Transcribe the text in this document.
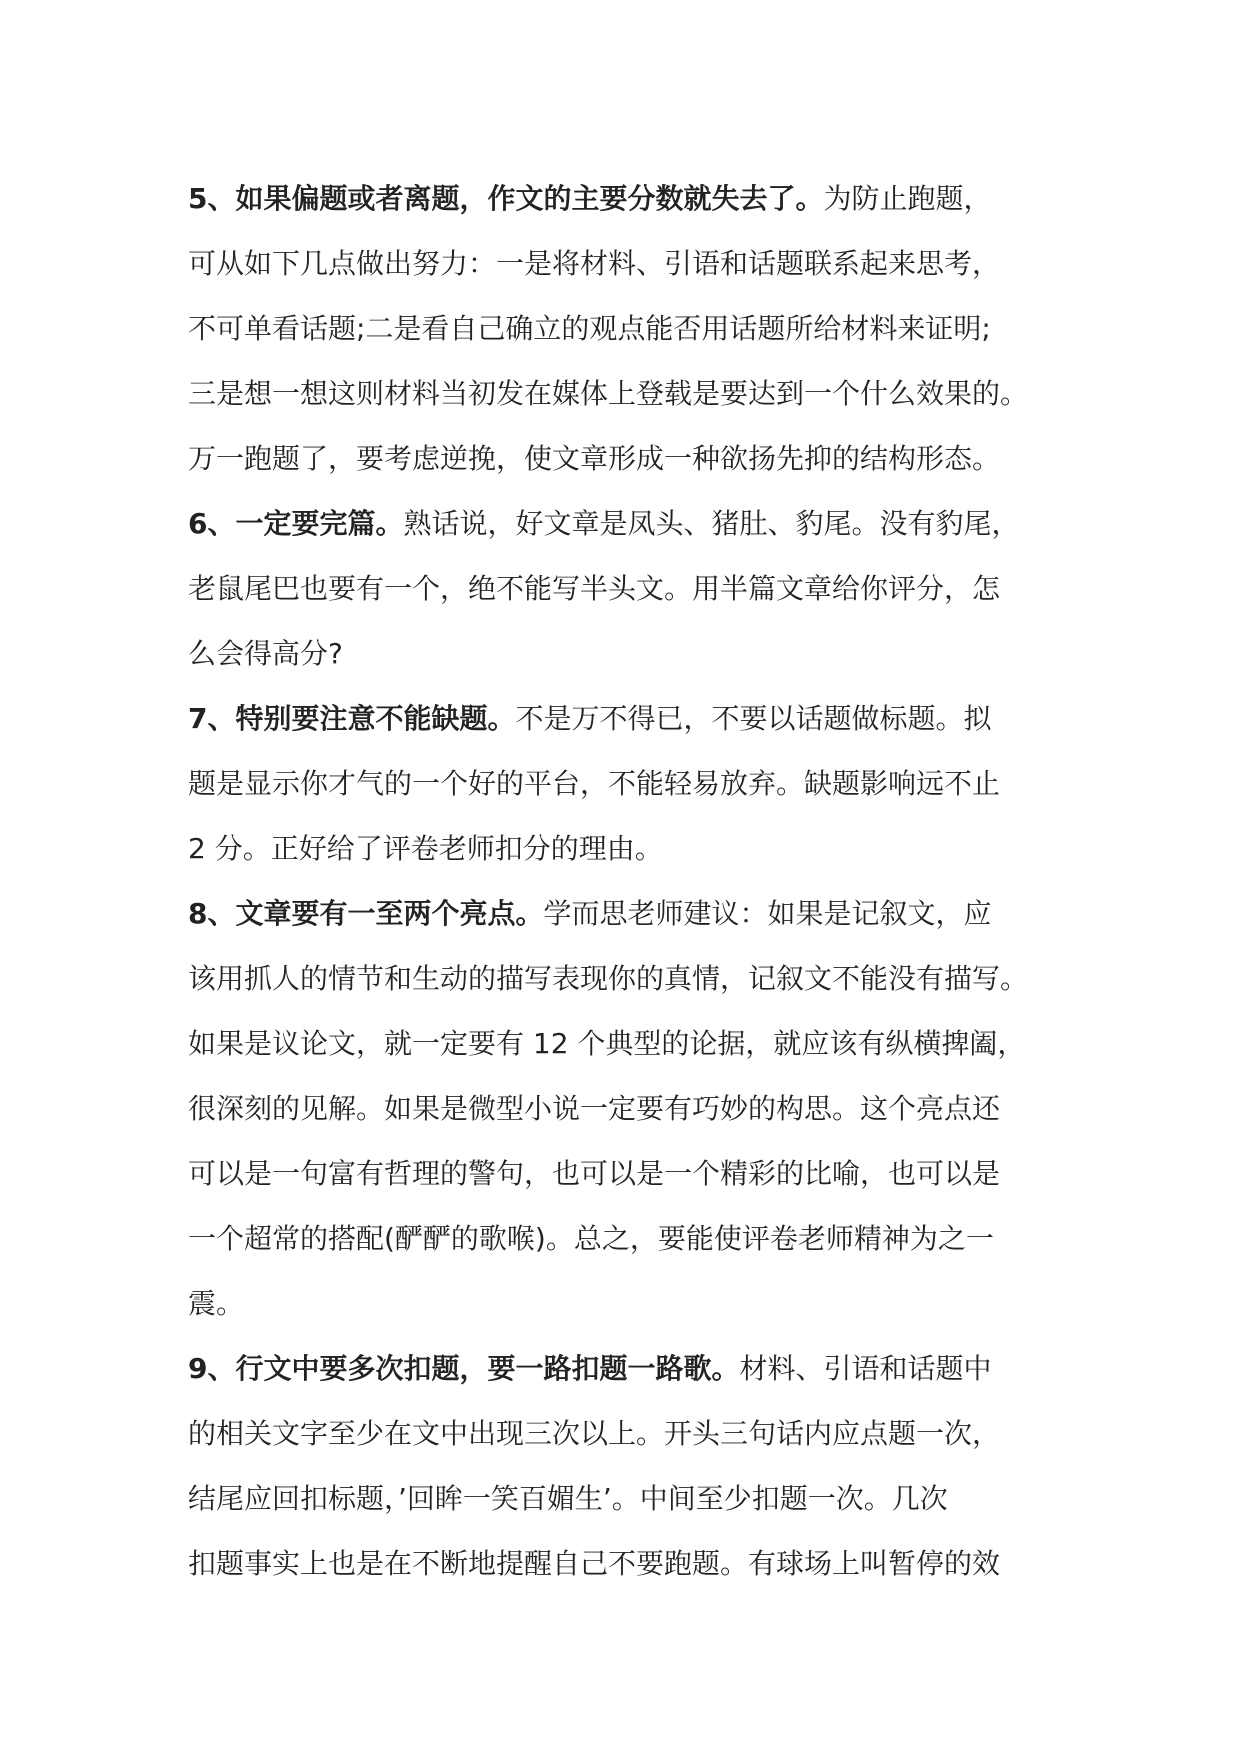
5、如果偏题或者离题，作文的主要分数就失去了。为防止跑题，
可从如下几点做出努力：一是将材料、引语和话题联系起来思考，
不可单看话题;二是看自己确立的观点能否用话题所给材料来证明;
三是想一想这则材料当初发在媒体上登载是要达到一个什么效果的。
万一跑题了，要考虑逆挽，使文章形成一种欲扬先抑的结构形态。
6、一定要完篇。熟话说，好文章是凤头、猪肚、豹尾。没有豹尾，
老鼠尾巴也要有一个，绝不能写半头文。用半篇文章给你评分，怎
么会得高分?
7、特别要注意不能缺题。不是万不得已，不要以话题做标题。拟
题是显示你才气的一个好的平台，不能轻易放弃。缺题影响远不止
2 分。正好给了评卷老师扣分的理由。
8、文章要有一至两个亮点。学而思老师建议：如果是记叙文，应
该用抓人的情节和生动的描写表现你的真情，记叙文不能没有描写。
如果是议论文，就一定要有 12 个典型的论据，就应该有纵横捭阖，
很深刻的见解。如果是微型小说一定要有巧妙的构思。这个亮点还
可以是一句富有哲理的警句，也可以是一个精彩的比喻，也可以是
一个超常的搭配(酽酽的歌喉)。总之，要能使评卷老师精神为之一
震。
9、行文中要多次扣题，要一路扣题一路歌。材料、引语和话题中
的相关文字至少在文中出现三次以上。开头三句话内应点题一次，
结尾应回扣标题，’回眸一笑百媚生’。中间至少扣题一次。几次
扣题事实上也是在不断地提醒自己不要跑题。有球场上叫暂停的效
